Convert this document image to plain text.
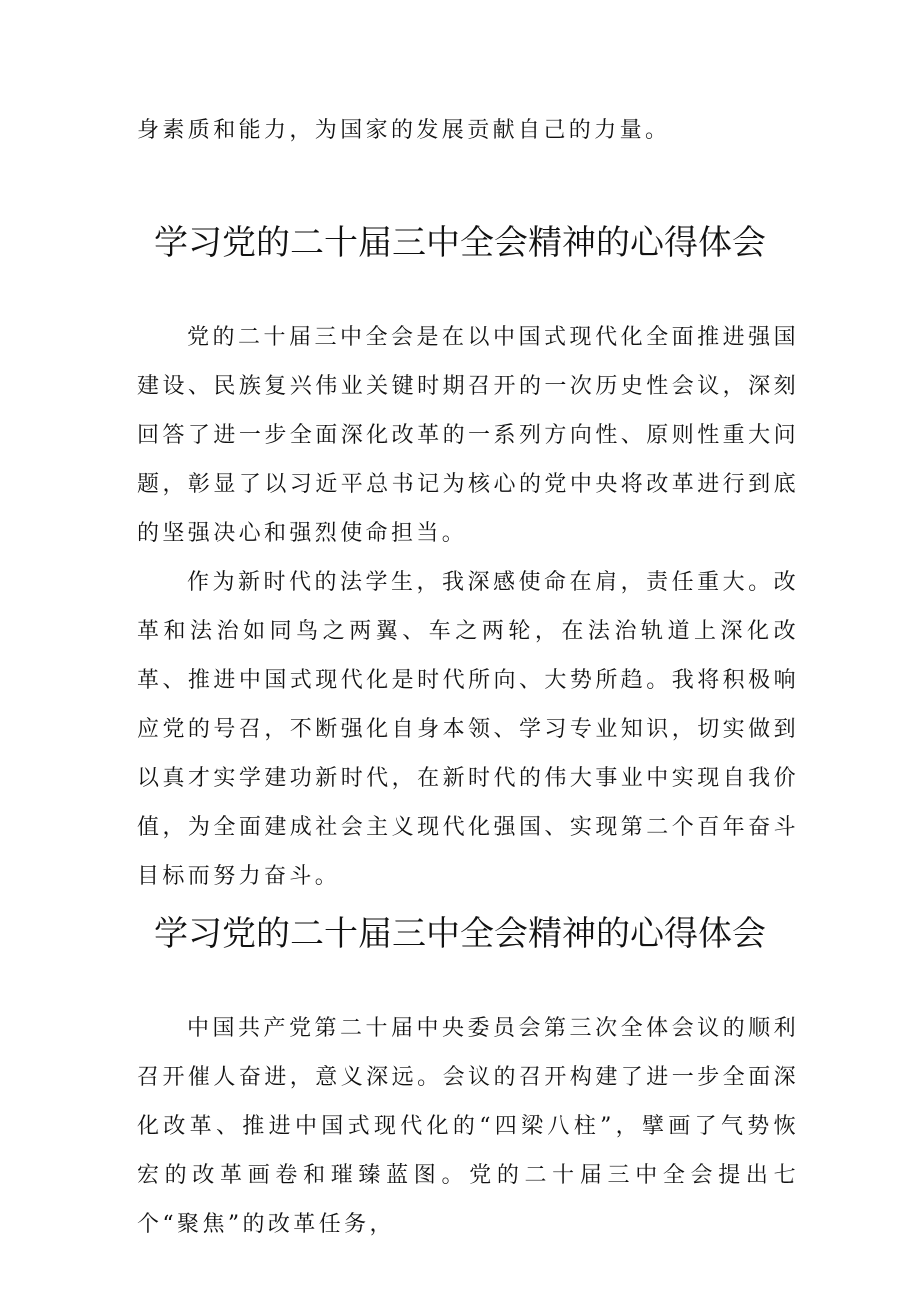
身素质和能力，为国家的发展贡献自己的力量。

学习党的二十届三中全会精神的心得体会

党的二十届三中全会是在以中国式现代化全面推进强国建设、民族复兴伟业关键时期召开的一次历史性会议，深刻回答了进一步全面深化改革的一系列方向性、原则性重大问题，彰显了以习近平总书记为核心的党中央将改革进行到底的坚强决心和强烈使命担当。

作为新时代的法学生，我深感使命在肩，责任重大。改革和法治如同鸟之两翼、车之两轮，在法治轨道上深化改革、推进中国式现代化是时代所向、大势所趋。我将积极响应党的号召，不断强化自身本领、学习专业知识，切实做到以真才实学建功新时代，在新时代的伟大事业中实现自我价值，为全面建成社会主义现代化强国、实现第二个百年奋斗目标而努力奋斗。

学习党的二十届三中全会精神的心得体会

中国共产党第二十届中央委员会第三次全体会议的顺利召开催人奋进，意义深远。会议的召开构建了进一步全面深化改革、推进中国式现代化的“四梁八柱”，擘画了气势恢宏的改革画卷和璀臻蓝图。党的二十届三中全会提出七个“聚焦”的改革任务，
